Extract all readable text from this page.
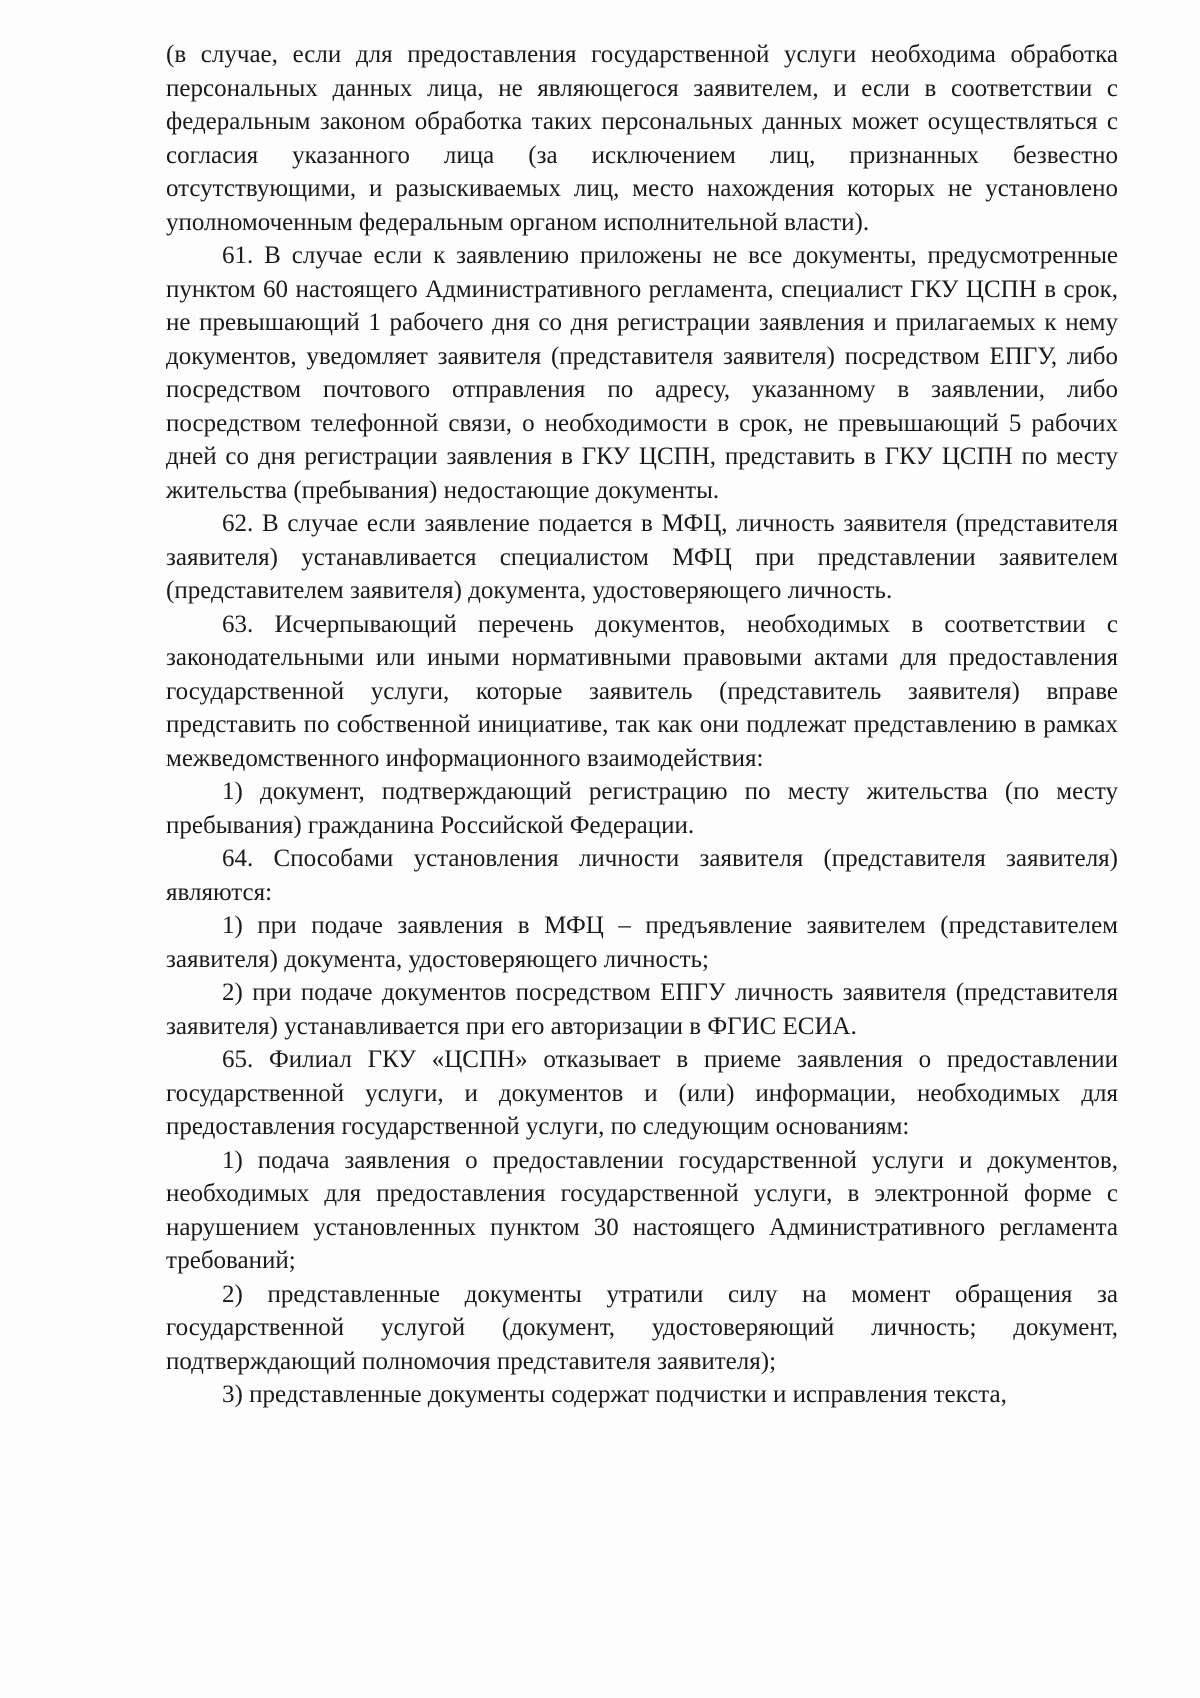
(в случае, если для предоставления государственной услуги необходима обработка персональных данных лица, не являющегося заявителем, и если в соответствии с федеральным законом обработка таких персональных данных может осуществляться с согласия указанного лица (за исключением лиц, признанных безвестно отсутствующими, и разыскиваемых лиц, место нахождения которых не установлено уполномоченным федеральным органом исполнительной власти).

61. В случае если к заявлению приложены не все документы, предусмотренные пунктом 60 настоящего Административного регламента, специалист ГКУ ЦСПН в срок, не превышающий 1 рабочего дня со дня регистрации заявления и прилагаемых к нему документов, уведомляет заявителя (представителя заявителя) посредством ЕПГУ, либо посредством почтового отправления по адресу, указанному в заявлении, либо посредством телефонной связи, о необходимости в срок, не превышающий 5 рабочих дней со дня регистрации заявления в ГКУ ЦСПН, представить в ГКУ ЦСПН по месту жительства (пребывания) недостающие документы.

62. В случае если заявление подается в МФЦ, личность заявителя (представителя заявителя) устанавливается специалистом МФЦ при представлении заявителем (представителем заявителя) документа, удостоверяющего личность.

63. Исчерпывающий перечень документов, необходимых в соответствии с законодательными или иными нормативными правовыми актами для предоставления государственной услуги, которые заявитель (представитель заявителя) вправе представить по собственной инициативе, так как они подлежат представлению в рамках межведомственного информационного взаимодействия:

1) документ, подтверждающий регистрацию по месту жительства (по месту пребывания) гражданина Российской Федерации.

64. Способами установления личности заявителя (представителя заявителя) являются:

1) при подаче заявления в МФЦ – предъявление заявителем (представителем заявителя) документа, удостоверяющего личность;

2) при подаче документов посредством ЕПГУ личность заявителя (представителя заявителя) устанавливается при его авторизации в ФГИС ЕСИА.

65. Филиал ГКУ «ЦСПН» отказывает в приеме заявления о предоставлении государственной услуги, и документов и (или) информации, необходимых для предоставления государственной услуги, по следующим основаниям:

1) подача заявления о предоставлении государственной услуги и документов, необходимых для предоставления государственной услуги, в электронной форме с нарушением установленных пунктом 30 настоящего Административного регламента требований;

2) представленные документы утратили силу на момент обращения за государственной услугой (документ, удостоверяющий личность; документ, подтверждающий полномочия представителя заявителя);

3) представленные документы содержат подчистки и исправления текста,
